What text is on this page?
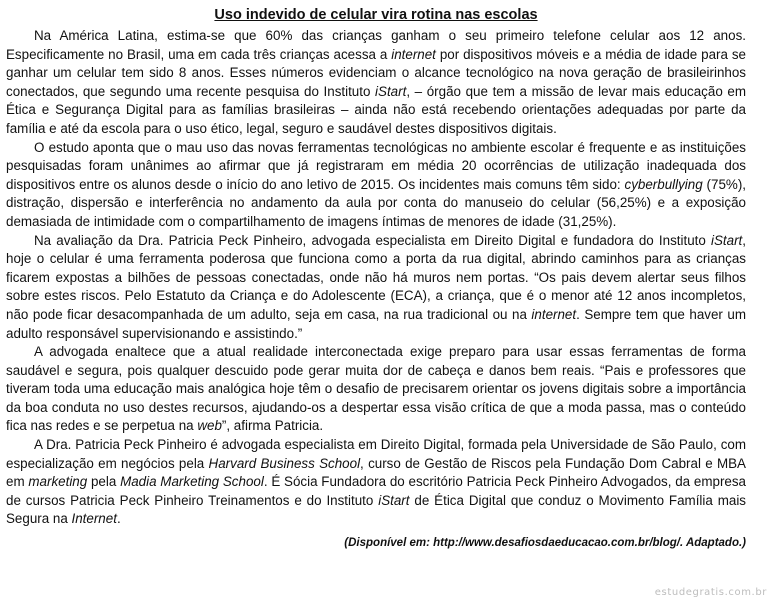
Uso indevido de celular vira rotina nas escolas

Na América Latina, estima-se que 60% das crianças ganham o seu primeiro telefone celular aos 12 anos. Especificamente no Brasil, uma em cada três crianças acessa a internet por dispositivos móveis e a média de idade para se ganhar um celular tem sido 8 anos. Esses números evidenciam o alcance tecnológico na nova geração de brasileirinhos conectados, que segundo uma recente pesquisa do Instituto iStart, – órgão que tem a missão de levar mais educação em Ética e Segurança Digital para as famílias brasileiras – ainda não está recebendo orientações adequadas por parte da família e até da escola para o uso ético, legal, seguro e saudável destes dispositivos digitais.

O estudo aponta que o mau uso das novas ferramentas tecnológicas no ambiente escolar é frequente e as instituições pesquisadas foram unânimes ao afirmar que já registraram em média 20 ocorrências de utilização inadequada dos dispositivos entre os alunos desde o início do ano letivo de 2015. Os incidentes mais comuns têm sido: cyberbullying (75%), distração, dispersão e interferência no andamento da aula por conta do manuseio do celular (56,25%) e a exposição demasiada de intimidade com o compartilhamento de imagens íntimas de menores de idade (31,25%).

Na avaliação da Dra. Patricia Peck Pinheiro, advogada especialista em Direito Digital e fundadora do Instituto iStart, hoje o celular é uma ferramenta poderosa que funciona como a porta da rua digital, abrindo caminhos para as crianças ficarem expostas a bilhões de pessoas conectadas, onde não há muros nem portas. “Os pais devem alertar seus filhos sobre estes riscos. Pelo Estatuto da Criança e do Adolescente (ECA), a criança, que é o menor até 12 anos incompletos, não pode ficar desacompanhada de um adulto, seja em casa, na rua tradicional ou na internet. Sempre tem que haver um adulto responsável supervisionando e assistindo.”

A advogada enaltece que a atual realidade interconectada exige preparo para usar essas ferramentas de forma saudável e segura, pois qualquer descuido pode gerar muita dor de cabeça e danos bem reais. “Pais e professores que tiveram toda uma educação mais analógica hoje têm o desafio de precisarem orientar os jovens digitais sobre a importância da boa conduta no uso destes recursos, ajudando-os a despertar essa visão crítica de que a moda passa, mas o conteúdo fica nas redes e se perpetua na web”, afirma Patricia.

A Dra. Patricia Peck Pinheiro é advogada especialista em Direito Digital, formada pela Universidade de São Paulo, com especialização em negócios pela Harvard Business School, curso de Gestão de Riscos pela Fundação Dom Cabral e MBA em marketing pela Madia Marketing School. É Sócia Fundadora do escritório Patricia Peck Pinheiro Advogados, da empresa de cursos Patricia Peck Pinheiro Treinamentos e do Instituto iStart de Ética Digital que conduz o Movimento Família mais Segura na Internet.

(Disponível em: http://www.desafiosdaeducacao.com.br/blog/. Adaptado.)
estudegratis.com.br
